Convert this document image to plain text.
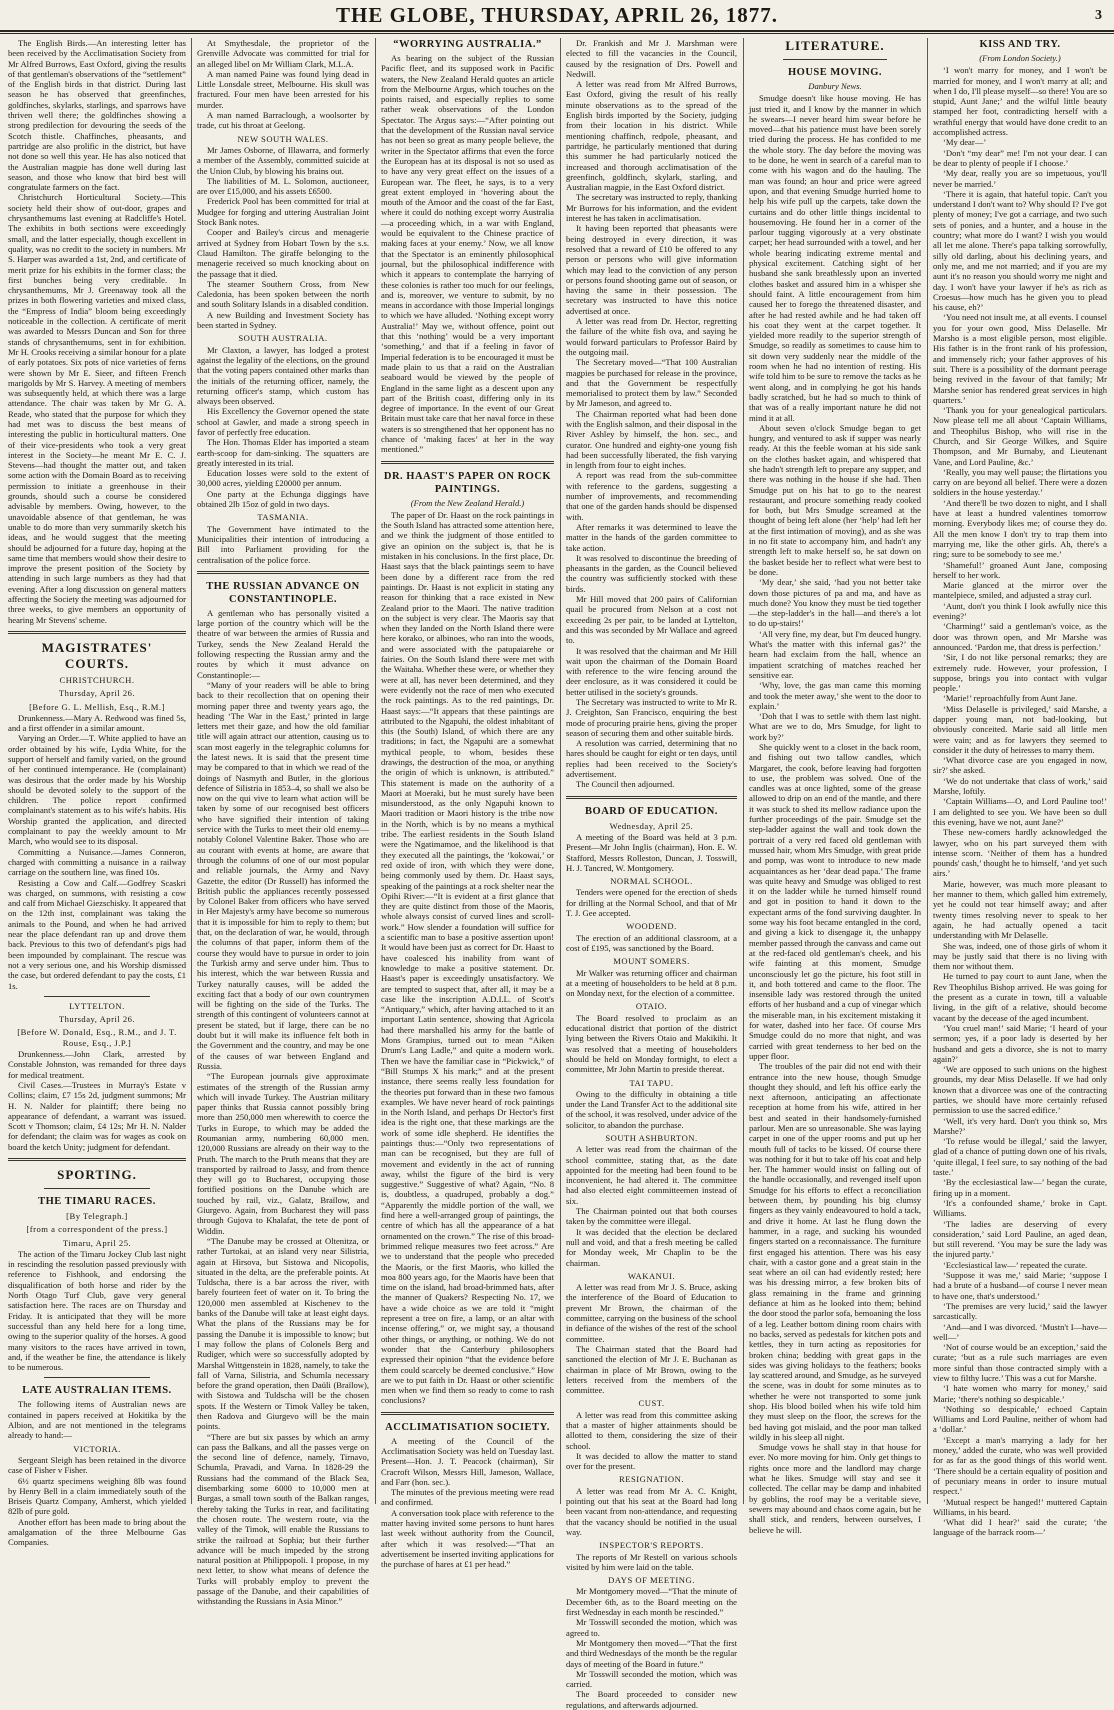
THE GLOBE, THURSDAY, APRIL 26, 1877.	3

The English Birds.—An interesting letter has been received by the Acclimatisation Society from Mr Alfred Burrows, East Oxford, giving the results of that gentleman's observations of the “settlement” of the English birds in that district. During last season he has observed that greenfinches, goldfinches, skylarks, starlings, and sparrows have thriven well there; the goldfinches showing a strong predilection for devouring the seeds of the Scotch thistle. Chaffinches, pheasants, and partridge are also prolific in the district, but have not done so well this year. He has also noticed that the Australian magpie has done well during last season, and those who know that bird best will congratulate farmers on the fact.

Christchurch Horticultural Society.—This society held their show of out-door, grapes and chrysanthemums last evening at Radcliffe's Hotel. The exhibits in both sections were exceedingly small, and the latter especially, though excellent in quality, was no credit to the society in numbers. Mr S. Harper was awarded a 1st, 2nd, and certificate of merit prize for his exhibits in the former class; the first bunches being very creditable. In chrysanthemums, Mr J. Greenaway took all the prizes in both flowering varieties and mixed class, the “Empress of India” bloom being exceedingly noticeable in the collection. A certificate of merit was awarded to Messrs Duncan and Son for three stands of chrysanthemums, sent in for exhibition. Mr H. Crooks receiving a similar honour for a plate of early potatoes. Six pots of nice varieties of ferns were shown by Mr E. Sieer, and fifteen French marigolds by Mr S. Harvey. A meeting of members was subsequently held, at which there was a large attendance. The chair was taken by Mr G. A. Reade, who stated that the purpose for which they had met was to discuss the best means of interesting the public in horticultural matters. One of their vice-presidents who took a very great interest in the Society—he meant Mr E. C. J. Stevens—had thought the matter out, and taken some action with the Domain Board as to receiving permission to initiate a greenhouse in their grounds, should such a course be considered advisable by members. Owing, however, to the unavoidable absence of that gentleman, he was unable to do more than very summarily sketch his ideas, and he would suggest that the meeting should be adjourned for a future day, hoping at the same time that members would show their desire to improve the present position of the Society by attending in such large numbers as they had that evening. After a long discussion on general matters affecting the Society the meeting was adjourned for three weeks, to give members an opportunity of hearing Mr Stevens' scheme.

MAGISTRATES' COURTS.

CHRISTCHURCH.

Thursday, April 26.

[Before G. L. Mellish, Esq., R.M.]

Drunkenness.—Mary A. Redwood was fined 5s, and a first offender in a similar amount.

Varying an Order.—T. White applied to have an order obtained by his wife, Lydia White, for the support of herself and family varied, on the ground of her continued intemperance. He (complainant) was desirous that the order made by his Worship should be devoted solely to the support of the children. The police report confirmed complainant's statement as to his wife's habits. His Worship granted the application, and directed complainant to pay the weekly amount to Mr March, who would see to its disposal.

Committing a Nuisance.—James Conneron, charged with committing a nuisance in a railway carriage on the southern line, was fined 10s.

Resisting a Cow and Calf.—Godfrey Scaskri was charged, on summons, with resisting a cow and calf from Michael Giezschisky. It appeared that on the 12th inst, complainant was taking the animals to the Pound, and when he had arrived near the place defendant ran up and drove them back. Previous to this two of defendant's pigs had been impounded by complainant. The rescue was not a very serious one, and his Worship dismissed the case, but ordered defendant to pay the costs, £1 1s.

LYTTELTON.

Thursday, April 26.

[Before W. Donald, Esq., R.M., and J. T. Rouse, Esq., J.P.]

Drunkenness.—John Clark, arrested by Constable Johnston, was remanded for three days for medical treatment.

Civil Cases.—Trustees in Murray's Estate v Collins; claim, £7 15s 2d, judgment summons; Mr H. N. Nalder for plaintiff; there being no appearance of defendant, a warrant was issued. Scott v Thomson; claim, £4 12s; Mr H. N. Nalder for defendant; the claim was for wages as cook on board the ketch Unity; judgment for defendant.

SPORTING.

THE TIMARU RACES.

[By Telegraph.]

[from a correspondent of the press.]

Timaru, April 25.

The action of the Timaru Jockey Club last night in rescinding the resolution passed previously with reference to Fishhook, and endorsing the disqualification of both horse and rider by the North Otago Turf Club, gave very general satisfaction here. The races are on Thursday and Friday. It is anticipated that they will be more successful than any held here for a long time, owing to the superior quality of the horses. A good many visitors to the races have arrived in town, and, if the weather be fine, the attendance is likely to be numerous.

LATE AUSTRALIAN ITEMS.

The following items of Australian news are contained in papers received at Hokitika by the Albion, and are not mentioned in the telegrams already to hand:—

VICTORIA.

Sergeant Sleigh has been retained in the divorce case of Fisher v Fisher.

6½ quartz specimens weighing 8lb was found by Henry Bell in a claim immediately south of the Briseis Quartz Company, Amherst, which yielded 82lb of pure gold.

Another effort has been made to bring about the amalgamation of the three Melbourne Gas Companies.

At Smythesdale, the proprietor of the Grenville Advocate was committed for trial for an alleged libel on Mr William Clark, M.L.A.

A man named Paine was found lying dead in Little Lonsdale street, Melbourne. His skull was fractured. Four men have been arrested for his murder.

A man named Barraclough, a woolsorter by trade, cut his throat at Geelong.

NEW SOUTH WALES.

Mr James Osborne, of Illawarra, and formerly a member of the Assembly, committed suicide at the Union Club, by blowing his brains out.

The liabilities of M. L. Solomon, auctioneer, are over £15,000, and his assets £6500.

Frederick Pool has been committed for trial at Mudgee for forging and uttering Australian Joint Stock Bank notes.

Cooper and Bailey's circus and menagerie arrived at Sydney from Hobart Town by the s.s. Claud Hamilton. The giraffe belonging to the menagerie received so much knocking about on the passage that it died.

The steamer Southern Cross, from New Caledonia, has been spoken between the north and south Solitary Islands in a disabled condition.

A new Building and Investment Society has been started in Sydney.

SOUTH AUSTRALIA.

Mr Claxton, a lawyer, has lodged a protest against the legality of the elections, on the ground that the voting papers contained other marks than the initials of the returning officer, namely, the returning officer's stamp, which custom has always been observed.

His Excellency the Governor opened the state school at Gawler, and made a strong speech in favor of perfectly free education.

The Hon. Thomas Elder has imported a steam earth-scoop for dam-sinking. The squatters are greatly interested in its trial.

Education losses were sold to the extent of 30,000 acres, yielding £20000 per annum.

One party at the Echunga diggings have obtained 2lb 15oz of gold in two days.

TASMANIA.

The Government have intimated to the Municipalities their intention of introducing a Bill into Parliament providing for the centralisation of the police force.

THE RUSSIAN ADVANCE ON CONSTANTINOPLE.

A gentleman who has personally visited a large portion of the country which will be the theatre of war between the armies of Russia and Turkey, sends the New Zealand Herald the following respecting the Russian army and the routes by which it must advance on Constantinople:—

“Many of your readers will be able to bring back to their recollection that on opening their morning paper three and twenty years ago, the heading ‘The War in the East,’ printed in large letters met their gaze, and how the old familiar title will again attract our attention, causing us to scan most eagerly in the telegraphic columns for the latest news. It is said that the present time may be compared to that in which we read of the doings of Nasmyth and Butler, in the glorious defence of Silistria in 1853–4, so shall we also be now on the qui vive to learn what action will be taken by some of our recognised best officers who have signified their intention of taking service with the Turks to meet their old enemy—notably Colonel Valentine Baker. Those who are au courant with events at home, are aware that through the columns of one of our most popular and reliable journals, the Army and Navy Gazette, the editor (Dr Russell) has informed the British public the appliances recently possessed by Colonel Baker from officers who have served in Her Majesty's army have become so numerous that it is impossible for him to reply to them; but that, on the declaration of war, he would, through the columns of that paper, inform them of the course they would have to pursue in order to join the Turkish army and serve under him. Thus to his interest, which the war between Russia and Turkey naturally causes, will be added the exciting fact that a body of our own countrymen will be fighting on the side of the Turks. The strength of this contingent of volunteers cannot at present be stated, but if large, there can be no doubt but it will make its influence felt both in the Government and the country, and may be one of the causes of war between England and Russia.

“The European journals give approximate estimates of the strength of the Russian army which will invade Turkey. The Austrian military paper thinks that Russia cannot possibly bring more than 250,000 men wherewith to coerce the Turks in Europe, to which may be added the Roumanian army, numbering 60,000 men. 120,000 Russians are already on their way to the Pruth. The march to the Pruth means that they are transported by railroad to Jassy, and from thence they will go to Bucharest, occupying those fortified positions on the Danube which are touched by rail, viz., Galatz, Braïlow, and Giurgevo. Again, from Bucharest they will pass through Gujova to Khalafat, the tete de pont of Widdin.

“The Danube may be crossed at Oltenitza, or rather Turtokai, at an island very near Silistria, again at Hirsova, but Sistowa and Nicopolis, situated in the delta, are the preferable points. At Tuldscha, there is a bar across the river, with barely fourteen feet of water on it. To bring the 120,000 men assembled at Kischenev to the banks of the Danube will take at least eight days. What the plans of the Russians may be for passing the Danube it is impossible to know; but I may follow the plans of Colonels Berg and Rudiger, which were so successfully adopted by Marshal Wittgenstein in 1828, namely, to take the fall of Varna, Silistria, and Schumla necessary before the grand operation, then Daüli (Braïlow), with Sistowa and Tuldscha will be the chosen spots. If the Western or Timok Valley be taken, then Radova and Giurgevo will be the main points.

“There are but six passes by which an army can pass the Balkans, and all the passes verge on the second line of defence, namely, Tirnavo, Schumla, Pravadi, and Varna. In 1828-29 the Russians had the command of the Black Sea, disembarking some 6000 to 10,000 men at Burgas, a small town south of the Balkan ranges, thereby taking the Turks in rear, and facilitating the chosen route. The western route, via the valley of the Timok, will enable the Russians to strike the railroad at Sophia; but their further advance will be much impeded by the strong natural position at Philippopoli. I propose, in my next letter, to show what means of defence the Turks will probably employ to prevent the passage of the Danube, and their capabilities of withstanding the Russians in Asia Minor.”

“WORRYING AUSTRALIA.”

As bearing on the subject of the Russian Pacific fleet, and its supposed work in Pacific waters, the New Zealand Herald quotes an article from the Melbourne Argus, which touches on the points raised, and especially replies to some rather weak observations of the London Spectator. The Argus says:—“After pointing out that the development of the Russian naval service has not been so great as many people believe, the writer in the Spectator affirms that even the force the European has at its disposal is not so used as to have any very great effect on the issues of a European war. The fleet, he says, is to a very great extent employed in ‘hovering about the mouth of the Amoor and the coast of the far East, where it could do nothing except worry Australia—a proceeding which, in a war with England, would be equivalent to the Chinese practice of making faces at your enemy.’ Now, we all know that the Spectator is an eminently philosophical journal, but the philosophical indifference with which it appears to contemplate the harrying of these colonies is rather too much for our feelings, and is, moreover, we venture to submit, by no means in accordance with those Imperial longings to which we have alluded. ‘Nothing except worry Australia!’ May we, without offence, point out that this ‘nothing’ would be a very important ‘something,’ and that if a feeling in favor of Imperial federation is to be encouraged it must be made plain to us that a raid on the Australian seaboard would be viewed by the people of England in the same light as a descent upon any part of the British coast, differing only in its degree of importance. In the event of our Great Britain must take care that her naval force in these waters is so strengthened that her opponent has no chance of ‘making faces’ at her in the way mentioned.”

DR. HAAST'S PAPER ON ROCK PAINTINGS.

(From the New Zealand Herald.)

The paper of Dr. Haast on the rock paintings in the South Island has attracted some attention here, and we think the judgment of those entitled to give an opinion on the subject is, that he is mistaken in his conclusions. In the first place, Dr. Haast says that the black paintings seem to have been done by a different race from the red paintings. Dr. Haast is not explicit in stating any reason for thinking that a race existed in New Zealand prior to the Maori. The native tradition on the subject is very clear. The Maoris say that when they landed on the North Island there were here korako, or albinoes, who ran into the woods, and were associated with the patupaiarehe or fairies. On the South Island there were met with the Waitaha. Whether these were, or whether they were at all, has never been determined, and they were evidently not the race of men who executed the rock paintings. As to the red paintings, Dr. Haast says:—“It appears that these paintings are attributed to the Ngapuhi, the oldest inhabitant of this (the South) Island, of which there are any traditions; in fact, the Ngapuhi are a somewhat mythical people, to whom, besides these drawings, the destruction of the moa, or anything the origin of which is unknown, is attributed.” This statement is made on the authority of a Maori at Moeraki, but he must surely have been misunderstood, as the only Ngapuhi known to Maori tradition or Maori history is the tribe now in the North, which is by no means a mythical tribe. The earliest residents in the South Island were the Ngatimamoe, and the likelihood is that they executed all the paintings, the ‘kokowai,’ or red oxide of iron, with which they were done, being commonly used by them. Dr. Haast says, speaking of the paintings at a rock shelter near the Opihi River:—“It is evident at a first glance that they are quite distinct from those of the Maoris, whole always consist of curved lines and scroll-work.” How slender a foundation will suffice for a scientific man to base a positive assertion upon! It would have been just as correct for Dr. Haast to have coalesced his inability from want of knowledge to make a positive statement. Dr. Haast's paper is exceedingly unsatisfactory. We are tempted to suspect that, after all, it may be a case like the inscription A.D.I.L. of Scott's “Antiquary,” which, after having attached to it an important Latin sentence, showing that Agricola had there marshalled his army for the battle of Mons Grampius, turned out to mean “Aiken Drum's Lang Ladle,” and quite a modern work. Then we have the familiar case in “Pickwick,” of “Bill Stumps X his mark;” and at the present instance, there seems really less foundation for the theories put forward than in these two famous examples. We have never heard of rock paintings in the North Island, and perhaps Dr Hector's first idea is the right one, that these markings are the work of some idle shepherd. He identifies the paintings thus:—“Only two representations of man can be recognised, but they are full of movement and evidently in the act of running away, whilst the figure of the bird is very suggestive.” Suggestive of what? Again, “No. 8 is, doubtless, a quadruped, probably a dog.” “Apparently the middle portion of the wall, we find here a well-arranged group of paintings, the centre of which has all the appearance of a hat ornamented on the crown.” The rise of this broad-brimmed relique measures two feet across.” Are we to understand that the people who preceded the Maoris, or the first Maoris, who killed the moa 800 years ago, for the Maoris have been that time on the island, had broad-brimmed hats, after the manner of Quakers? Respecting No. 17, we have a wide choice as we are told it “might represent a tree on fire, a lamp, or an altar with incense offering,” or, we might say, a thousand other things, or anything, or nothing. We do not wonder that the Canterbury philosophers expressed their opinion “that the evidence before them could scarcely be deemed conclusive.” How are we to put faith in Dr. Haast or other scientific men when we find them so ready to come to rash conclusions?

ACCLIMATISATION SOCIETY.

A meeting of the Council of the Acclimatisation Society was held on Tuesday last. Present—Hon. J. T. Peacock (chairman), Sir Cracroft Wilson, Messrs Hill, Jameson, Wallace, and Farr (hon. sec.).

The minutes of the previous meeting were read and confirmed.

A conversation took place with reference to the matter having invited some persons to hunt hares last week without authority from the Council, after which it was resolved:—“That an advertisement be inserted inviting applications for the purchase of hares at £1 per head.”

Dr. Frankish and Mr J. Marshman were elected to fill the vacancies in the Council, caused by the resignation of Drs. Powell and Nedwill.

A letter was read from Mr Alfred Burrows, East Oxford, giving the result of his really minute observations as to the spread of the English birds imported by the Society, judging from their location in his district. While mentioning chaffinch, redpole, pheasant, and partridge, he particularly mentioned that during this summer he had particularly noticed the increased and thorough acclimatisation of the greenfinch, goldfinch, skylark, starling, and Australian magpie, in the East Oxford district.

The secretary was instructed to reply, thanking Mr Burrows for his information, and the evident interest he has taken in acclimatisation.

It having been reported that pheasants were being destroyed in every direction, it was resolved that a reward of £10 be offered to any person or persons who will give information which may lead to the conviction of any person or persons found shooting game out of season, or having the same in their possession. The secretary was instructed to have this notice advertised at once.

A letter was read from Dr. Hector, regretting the failure of the white fish ova, and saying he would forward particulars to Professor Baird by the outgoing mail.

The Secretary moved—“That 100 Australian magpies be purchased for release in the province, and that the Government be respectfully memorialised to protect them by law.” Seconded by Mr Jameson, and agreed to.

The Chairman reported what had been done with the English salmon, and their disposal in the River Ashley by himself, the hon. sec., and curator. One hundred and eighty-one young fish had been successfully liberated, the fish varying in length from four to eight inches.

A report was read from the sub-committee with reference to the gardens, suggesting a number of improvements, and recommending that one of the garden hands should be dispensed with.

After remarks it was determined to leave the matter in the hands of the garden committee to take action.

It was resolved to discontinue the breeding of pheasants in the garden, as the Council believed the country was sufficiently stocked with these birds.

Mr Hill moved that 200 pairs of Californian quail be procured from Nelson at a cost not exceeding 2s per pair, to be landed at Lyttelton, and this was seconded by Mr Wallace and agreed to.

It was resolved that the chairman and Mr Hill wait upon the chairman of the Domain Board with reference to the wire fencing around the deer enclosure, as it was considered it could be better utilised in the society's grounds.

The Secretary was instructed to write to Mr R. J. Creighton, San Francisco, enquiring the best mode of procuring prairie hens, giving the proper season of securing them and other suitable birds.

A resolution was carried, determining that no hares should be caught for eight or ten days, until replies had been received to the Society's advertisement.

The Council then adjourned.

BOARD OF EDUCATION.

Wednesday, April 25.

A meeting of the Board was held at 3 p.m. Present—Mr John Inglis (chairman), Hon. E. W. Stafford, Messrs Rolleston, Duncan, J. Tosswill, H. J. Tancred, W. Montgomery.

NORMAL SCHOOL.

Tenders were opened for the erection of sheds for drilling at the Normal School, and that of Mr T. J. Gee accepted.

WOODEND.

The erection of an additional classroom, at a cost of £195, was sanctioned by the Board.

MOUNT SOMERS.

Mr Walker was returning officer and chairman at a meeting of householders to be held at 8 p.m. on Monday next, for the election of a committee.

OTAIO.

The Board resolved to proclaim as an educational district that portion of the district lying between the Rivers Otaio and Makikihi. It was resolved that a meeting of householders should be held on Monday fortnight, to elect a committee, Mr John Martin to preside thereat.

TAI TAPU.

Owing to the difficulty in obtaining a title under the Land Transfer Act to the additional site of the school, it was resolved, under advice of the solicitor, to abandon the purchase.

SOUTH ASHBURTON.

A letter was read from the chairman of the school committee, stating that, as the date appointed for the meeting had been found to be inconvenient, he had altered it. The committee had also elected eight committeemen instead of six.

The Chairman pointed out that both courses taken by the committee were illegal.

It was decided that the election be declared null and void, and that a fresh meeting be called for Monday week, Mr Chaplin to be the chairman.

WAKANUI.

A letter was read from Mr J. S. Bruce, asking the interference of the Board of Education to prevent Mr Brown, the chairman of the committee, carrying on the business of the school in defiance of the wishes of the rest of the school committee.

The Chairman stated that the Board had sanctioned the election of Mr J. E. Buchanan as chairman in place of Mr Brown, owing to the letters received from the members of the committee.

CUST.

A letter was read from this committee asking that a master of higher attainments should be allotted to them, considering the size of their school.

It was decided to allow the matter to stand over for the present.

RESIGNATION.

A letter was read from Mr A. C. Knight, pointing out that his seat at the Board had long been vacant from non-attendance, and requesting that the vacancy should be notified in the usual way.

INSPECTOR'S REPORTS.

The reports of Mr Restell on various schools visited by him were laid on the table.

DAYS OF MEETING.

Mr Montgomery moved—“That the minute of December 6th, as to the Board meeting on the first Wednesday in each month be rescinded.”

Mr Tosswill seconded the motion, which was agreed to.

Mr Montgomery then moved—“That the first and third Wednesdays of the month be the regular days of meeting of the Board in future.”

Mr Tosswill seconded the motion, which was carried.

The Board proceeded to consider new regulations, and afterwards adjourned.

LITERATURE.

HOUSE MOVING.

Danbury News.

Smudge doesn't like house moving. He has just tried it, and I know by the manner in which he swears—I never heard him swear before he moved—that his patience must have been sorely tried during the process. He has confided to me the whole story. The day before the moving was to be done, he went in search of a careful man to come with his wagon and do the hauling. The man was found; an hour and price were agreed upon, and that evening Smudge hurried home to help his wife pull up the carpets, take down the curtains and do other little things incidental to housemoving. He found her in a corner of the parlour tugging vigorously at a very obstinate carpet; her head surrounded with a towel, and her whole bearing indicating extreme mental and physical excitement. Catching sight of her husband she sank breathlessly upon an inverted clothes basket and assured him in a whisper she should faint. A little encouragement from him caused her to forego the threatened disaster, and after he had rested awhile and he had taken off his coat they went at the carpet together. It yielded more readily to the superior strength of Smudge, so readily as sometimes to cause him to sit down very suddenly near the middle of the room when he had no intention of resting. His wife told him to be sure to remove the tacks as he went along, and in complying he got his hands badly scratched, but he had so much to think of that was of a really important nature he did not mind it at all.

About seven o'clock Smudge began to get hungry, and ventured to ask if supper was nearly ready. At this the feeble woman at his side sank on the clothes basket again, and whispered that she hadn't strength left to prepare any supper, and there was nothing in the house if she had. Then Smudge put on his hat to go to the nearest restaurant, and procure something ready cooked for both, but Mrs Smudge screamed at the thought of being left alone (her ‘help’ had left her at the first intimation of moving), and as she was in no fit state to accompany him, and hadn't any strength left to make herself so, he sat down on the basket beside her to reflect what were best to be done.

‘My dear,’ she said, ‘had you not better take down those pictures of pa and ma, and have as much done? You know they must be tied together—the step-ladder's in the hall—and there's a lot to do up-stairs!’

‘All very fine, my dear, but I'm deuced hungry. What's the matter with this infernal gas?’ the hearn had exclaim from the hall, whence an impatient scratching of matches reached her sensitive ear.

‘Why, love, the gas man came this morning and took the meter away,’ she went to the door to explain.’

‘Doh that I was to settle with them last night. What are we to do, Mrs Smudge, for light to work by?’

She quickly went to a closet in the back room, and fishing out two tallow candles, which Margaret, the cook, before leaving had forgotten to use, the problem was solved. One of the candles was at once lighted, some of the grease allowed to drip on an end of the mantle, and there it was stuck to shed its mellow radiance upon the further proceedings of the pair. Smudge set the step-ladder against the wall and took down the portrait of a very red faced old gentleman with mussed hair, whom Mrs Smudge, with great pride and pomp, was wont to introduce to new made acquaintances as her ‘dear dead papa.’ The frame was quite heavy and Smudge was obliged to rest it on the ladder while he turned himself round and got in position to hand it down to the expectant arms of the fond surviving daughter. In some way his foot became entangled in the cord, and giving a kick to disengage it, the unhappy member passed through the canvass and came out at the red-faced old gentleman's cheek, and his wife fainting at this moment, Smudge unconsciously let go the picture, his foot still in it, and both tottered and came to the floor. The insensible lady was restored through the united efforts of her husband and a cup of vinegar which the miserable man, in his excitement mistaking it for water, dashed into her face. Of course Mrs Smudge could do no more that night, and was carried with great tenderness to her bed on the upper floor.

The troubles of the pair did not end with their entrance into the new house, though Smudge thought they should, and left his office early the next afternoon, anticipating an affectionate reception at home from his wife, attired in her best and seated in their handsomely-furnished parlour. Men are so unreasonable. She was laying carpet in one of the upper rooms and put up her mouth full of tacks to be kissed. Of course there was nothing for it but to take off his coat and help her. The hammer would insist on falling out of the handle occasionally, and revenged itself upon Smudge for his efforts to effect a reconciliation between them, by pounding his big clumsy fingers as they vainly endeavoured to hold a tack, and drive it home. At last he flung down the hammer, in a rage, and sucking his wounded fingers started on a reconnaissance. The furniture first engaged his attention. There was his easy chair, with a castor gone and a great stain in the seat where an oil can had evidently rested; here was his dressing mirror, a few broken bits of glass remaining in the frame and grinning defiance at him as he looked into them; behind the door stood the parlor sofa, bemoaning the loss of a leg. Leather bottom dining room chairs with no backs, served as pedestals for kitchen pots and kettles, they in turn acting as repositories for broken china; bedding with great gaps in the sides was giving holidays to the feathers; books lay scattered around, and Smudge, as he surveyed the scene, was in doubt for some minutes as to whether he were not transported to some junk shop. His blood boiled when his wife told him they must sleep on the floor, the screws for the bed having got mislaid, and the poor man talked wildly in his sleep all night.

Smudge vows he shall stay in that house for ever. No more moving for him. Only get things to rights once more and the landlord may charge what he likes. Smudge will stay and see it collected. The cellar may be damp and inhabited by goblins, the roof may be a veritable sieve, sewers may abound and chaos come again, but he shall stick, and renders, between ourselves, I believe he will.

KISS AND TRY.

(From London Society.)

‘I won't marry for money, and I won't be married for money, and I won't marry at all; and when I do, I'll please myself—so there! You are so stupid, Aunt Jane;’ and the wilful little beauty stamped her foot, contradicting herself with a wrathful energy that would have done credit to an accomplished actress.

‘My dear—’

‘Don't “my dear” me! I'm not your dear. I can be dear to plenty of people if I choose.’

‘My dear, really you are so impetuous, you'll never be married.’

‘There it is again, that hateful topic. Can't you understand I don't want to? Why should I? I've got plenty of money; I've got a carriage, and two such sets of ponies, and a hunter, and a house in the country; what more do I want? I wish you would all let me alone. There's papa talking sorrowfully, silly old darling, about his declining years, and only me, and me not married; and if you are my aunt it's no reason you should worry me night and day. I won't have your lawyer if he's as rich as Croesus—how much has he given you to plead his cause, eh?’

‘You need not insult me, at all events. I counsel you for your own good, Miss Delaselle. Mr Marsho is a most eligible person, most eligible. His father is in the front rank of his profession, and immensely rich; your father approves of his suit. There is a possibility of the dormant peerage being revived in the favour of that family; Mr Marshe senior has rendered great services in high quarters.’

‘Thank you for your genealogical particulars. Now please tell me all about ‘Captain Williams, and Theophilus Bishop, who will rise in the Church, and Sir George Wilkes, and Squire Thompson, and Mr Burnaby, and Lieutenant Vane, and Lord Pauline, &c.’

‘Really, you may well pause; the flirtations you carry on are beyond all belief. There were a dozen soldiers in the house yesterday.’

‘And there'll be two dozen to night, and I shall have at least a hundred valentines tomorrow morning. Everybody likes me; of course they do. All the men know I don't try to trap them into marrying me, like the other girls. Ah, there's a ring; sure to be somebody to see me.’

‘Shameful!’ groaned Aunt Jane, composing herself to her work.

Marie glanced at the mirror over the mantelpiece, smiled, and adjusted a stray curl.

‘Aunt, don't you think I look awfully nice this evening?’

‘Charming!’ said a gentleman's voice, as the door was thrown open, and Mr Marshe was announced. ‘Pardon me, that dress is perfection.’

‘Sir, I do not like personal remarks; they are extremely rude. However, your profession, I suppose, brings you into contact with vulgar people.’

‘Marie!’ reproachfully from Aunt Jane.

‘Miss Delaselle is privileged,’ said Marshe, a dapper young man, not bad-looking, but obviously conceited. Marie said all little men were vain; and as for lawyers they seemed to consider it the duty of heiresses to marry them.

‘What divorce case are you engaged in now, sir?’ she asked.

‘We do not undertake that class of work,’ said Marshe, loftily.

‘Captain Williams—O, and Lord Pauline too!’ I am delighted to see you. We have been so dull this evening, have we not, aunt Jane?’

These new-comers hardly acknowledged the lawyer, who on his part surveyed them with intense scorn. ‘Neither of them has a hundred pounds' cash,’ thought he to himself, ‘and yet such airs.’

Marie, however, was much more pleasant to her manner to them, which galled him extremely, yet he could not tear himself away; and after twenty times resolving never to speak to her again, he had actually opened a tacit understanding with Mr Delaselle.

She was, indeed, one of those girls of whom it may be justly said that there is no living with them nor without them.

He turned to pay court to aunt Jane, when the Rev Theophilus Bishop arrived. He was going for the present as a curate in town, till a valuable living, in the gift of a relative, should become vacant by the decease of the aged incumbent.

‘You cruel man!’ said Marie; ‘I heard of your sermon; yes, if a poor lady is deserted by her husband and gets a divorce, she is not to marry again?’

‘We are opposed to such unions on the highest grounds, my dear Miss Delaselle. If we had only known that a divorcee was one of the contracting parties, we should have more certainly refused permission to use the sacred edifice.’

‘Well, it's very hard. Don't you think so, Mrs Marshe?’

‘To refuse would be illegal,’ said the lawyer, glad of a chance of putting down one of his rivals, ‘quite illegal, I feel sure, to say nothing of the bad taste.’

‘By the ecclesiastical law—’ began the curate, firing up in a moment.

‘It's a confounded shame,’ broke in Capt. Williams.

‘The ladies are deserving of every consideration,’ said Lord Pauline, an aged dean, but still reverend. ‘You may be sure the lady was the injured party.’

‘Ecclesiastical law—’ repeated the curate.

‘Suppose it was me,’ said Marie; ‘suppose I had a brute of a husband—of course I never mean to have one, that's understood.’

‘The premises are very lucid,’ said the lawyer sarcastically.

‘And—and I was divorced. ‘Mustn't I—have—well—’

‘Not of course would be an exception,’ said the curate; ‘but as a rule such marriages are even more sinful than those contracted simply with a view to filthy lucre.’ This was a cut for Marshe.

‘I hate women who marry for money,’ said Marie; ‘there's nothing so despicable.’

‘Nothing so despicable,’ echoed Captain Williams and Lord Pauline, neither of whom had a ‘dollar.’

‘Except a man's marrying a lady for her money,’ added the curate, who was well provided for as far as the good things of this world went. ‘There should be a certain equality of position and of pecuniary means in order to insure mutual respect.’

‘Mutual respect be hanged!’ muttered Captain Williams, in his beard.

‘What did I hear?’ said the curate; ‘the language of the barrack room—’
